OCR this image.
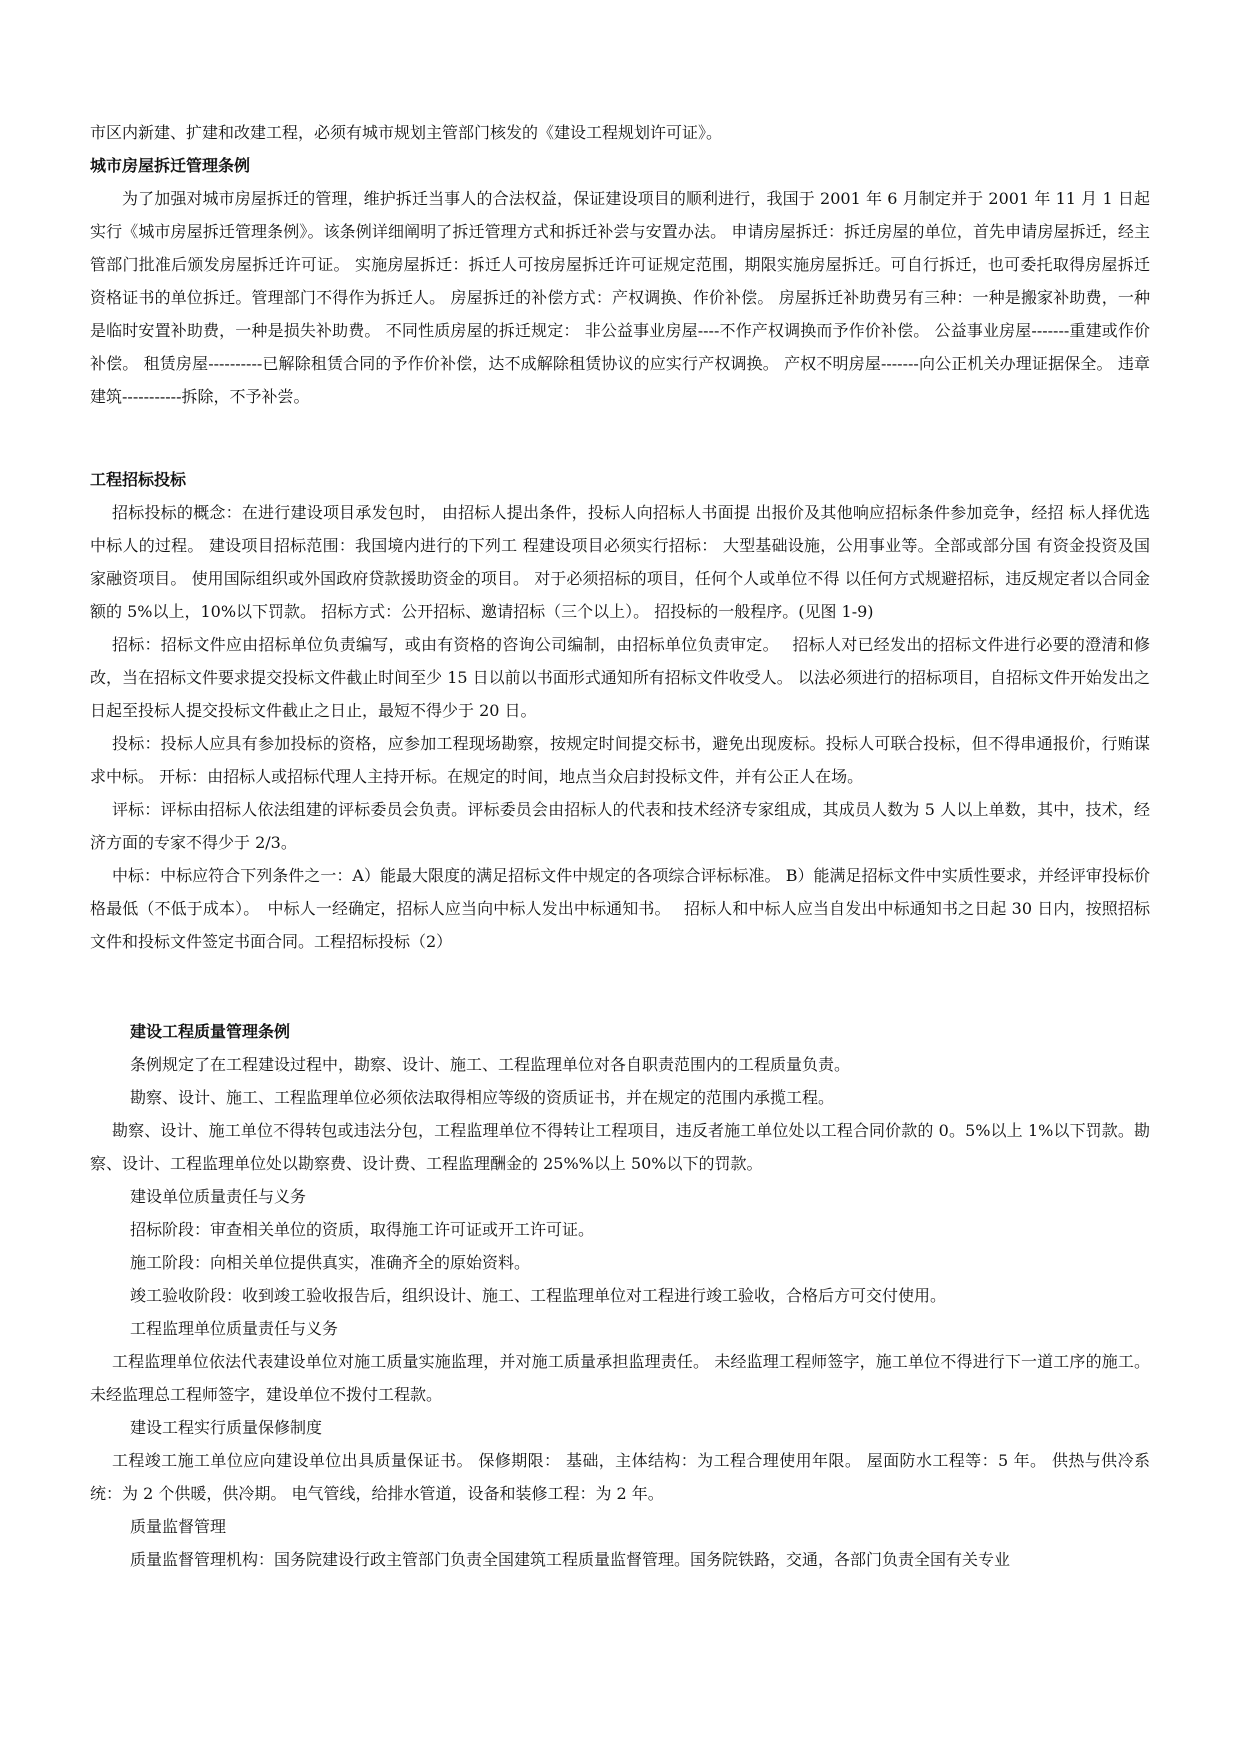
市区内新建、扩建和改建工程，必须有城市规划主管部门核发的《建设工程规划许可证》。

城市房屋拆迁管理条例

为了加强对城市房屋拆迁的管理，维护拆迁当事人的合法权益，保证建设项目的顺利进行，我国于 2001 年 6 月制定并于 2001 年 11 月 1 日起实行《城市房屋拆迁管理条例》。该条例详细阐明了拆迁管理方式和拆迁补尝与安置办法。 申请房屋拆迁：拆迁房屋的单位，首先申请房屋拆迁，经主管部门批准后颁发房屋拆迁许可证。 实施房屋拆迁：拆迁人可按房屋拆迁许可证规定范围，期限实施房屋拆迁。可自行拆迁，也可委托取得房屋拆迁资格证书的单位拆迁。管理部门不得作为拆迁人。 房屋拆迁的补偿方式：产权调换、作价补偿。 房屋拆迁补助费另有三种：一种是搬家补助费，一种是临时安置补助费，一种是损失补助费。 不同性质房屋的拆迁规定： 非公益事业房屋----不作产权调换而予作价补偿。 公益事业房屋-------重建或作价补偿。 租赁房屋----------已解除租赁合同的予作价补偿，达不成解除租赁协议的应实行产权调换。 产权不明房屋-------向公正机关办理证据保全。 违章建筑-----------拆除，不予补尝。

工程招标投标

招标投标的概念：在进行建设项目承发包时， 由招标人提出条件，投标人向招标人书面提 出报价及其他响应招标条件参加竞争，经招 标人择优选中标人的过程。 建设项目招标范围：我国境内进行的下列工 程建设项目必须实行招标： 大型基础设施，公用事业等。全部或部分国 有资金投资及国家融资项目。 使用国际组织或外国政府贷款援助资金的项目。 对于必须招标的项目，任何个人或单位不得 以任何方式规避招标，违反规定者以合同金额的 5%以上，10%以下罚款。 招标方式：公开招标、邀请招标（三个以上）。 招投标的一般程序。(见图 1-9)

招标：招标文件应由招标单位负责编写，或由有资格的咨询公司编制，由招标单位负责审定。　 招标人对已经发出的招标文件进行必要的澄清和修改，当在招标文件要求提交投标文件截止时间至少 15 日以前以书面形式通知所有招标文件收受人。 以法必须进行的招标项目，自招标文件开始发出之日起至投标人提交投标文件截止之日止，最短不得少于 20 日。

投标：投标人应具有参加投标的资格，应参加工程现场勘察，按规定时间提交标书，避免出现废标。投标人可联合投标，但不得串通报价，行贿谋求中标。 开标：由招标人或招标代理人主持开标。在规定的时间，地点当众启封投标文件，并有公正人在场。

评标：评标由招标人依法组建的评标委员会负责。评标委员会由招标人的代表和技术经济专家组成，其成员人数为 5 人以上单数，其中，技术，经济方面的专家不得少于 2/3。

中标：中标应符合下列条件之一：A）能最大限度的满足招标文件中规定的各项综合评标标准。 B）能满足招标文件中实质性要求，并经评审投标价格最低（不低于成本）。　中标人一经确定，招标人应当向中标人发出中标通知书。　 招标人和中标人应当自发出中标通知书之日起 30 日内，按照招标文件和投标文件签定书面合同。工程招标投标（2）

建设工程质量管理条例

条例规定了在工程建设过程中，勘察、设计、施工、工程监理单位对各自职责范围内的工程质量负责。

勘察、设计、施工、工程监理单位必须依法取得相应等级的资质证书，并在规定的范围内承揽工程。

勘察、设计、施工单位不得转包或违法分包，工程监理单位不得转让工程项目，违反者施工单位处以工程合同价款的 0。5%以上 1%以下罚款。勘察、设计、工程监理单位处以勘察费、设计费、工程监理酬金的 25%%以上 50%以下的罚款。

建设单位质量责任与义务

招标阶段：审查相关单位的资质，取得施工许可证或开工许可证。

施工阶段：向相关单位提供真实，准确齐全的原始资料。

竣工验收阶段：收到竣工验收报告后，组织设计、施工、工程监理单位对工程进行竣工验收，合格后方可交付使用。

工程监理单位质量责任与义务

工程监理单位依法代表建设单位对施工质量实施监理，并对施工质量承担监理责任。 未经监理工程师签字，施工单位不得进行下一道工序的施工。未经监理总工程师签字，建设单位不拨付工程款。

建设工程实行质量保修制度

工程竣工施工单位应向建设单位出具质量保证书。 保修期限： 基础，主体结构：为工程合理使用年限。 屋面防水工程等：5 年。 供热与供冷系统：为 2 个供暖，供冷期。 电气管线，给排水管道，设备和装修工程：为 2 年。

质量监督管理

质量监督管理机构：国务院建设行政主管部门负责全国建筑工程质量监督管理。国务院铁路，交通，各部门负责全国有关专业
